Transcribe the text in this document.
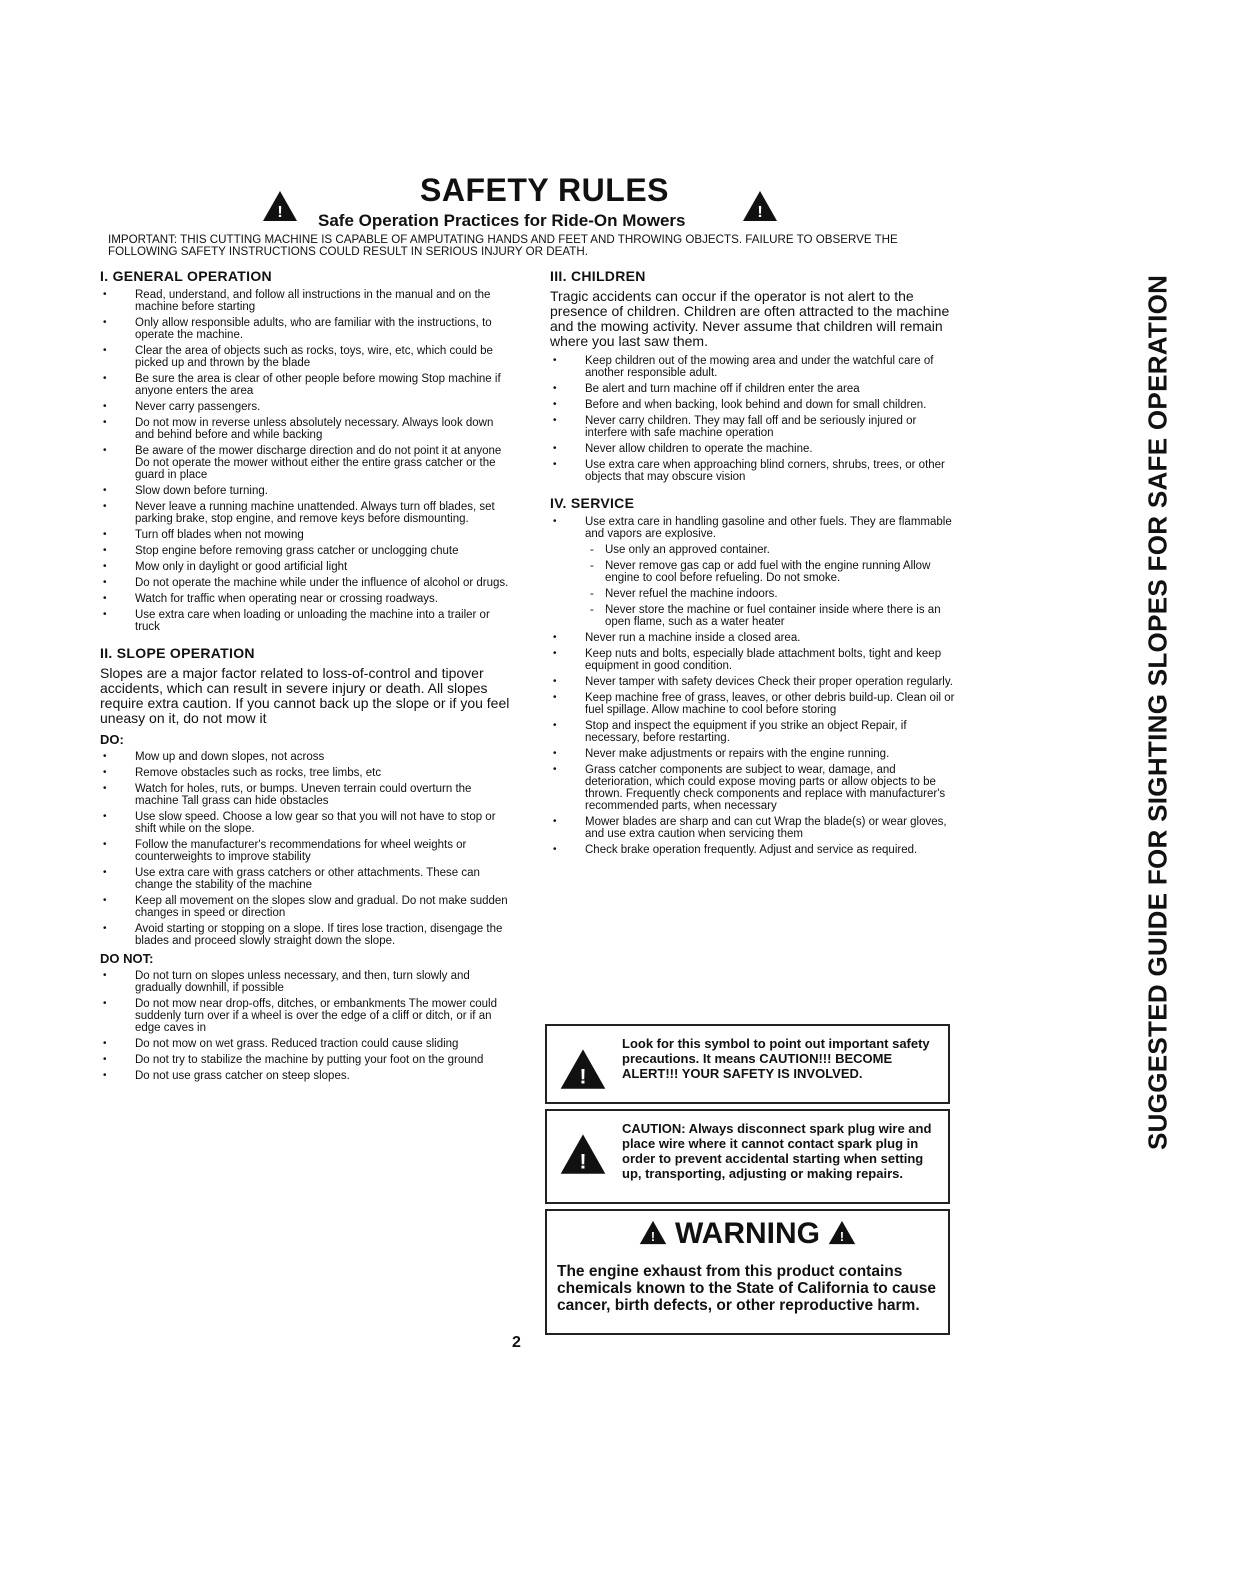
!
SAFETY RULES
Safe Operation Practices for Ride-On Mowers	!
IMPORTANT: THIS CUTTING MACHINE IS CAPABLE OF AMPUTATING HANDS AND FEET AND THROWING OBJECTS. FAILURE TO OBSERVE THE FOLLOWING SAFETY INSTRUCTIONS COULD RESULT IN SERIOUS INJURY OR DEATH.
I. GENERAL OPERATION
• Read, understand, and follow all instructions in the manual and on the machine before starting
• Only allow responsible adults, who are familiar with the instructions, to operate the machine.
• Clear the area of objects such as rocks, toys, wire, etc, which could be picked up and thrown by the blade
• Be sure the area is clear of other people before mowing Stop machine if anyone enters the area
• Never carry passengers.
• Do not mow in reverse unless absolutely necessary. Always look down and behind before and while backing
• Be aware of the mower discharge direction and do not point it at anyone Do not operate the mower without either the entire grass catcher or the guard in place
• Slow down before turning.
• Never leave a running machine unattended. Always turn off blades, set parking brake, stop engine, and remove keys before dismounting.
• Turn off blades when not mowing
• Stop engine before removing grass catcher or unclogging chute
• Mow only in daylight or good artificial light
• Do not operate the machine while under the influence of alcohol or drugs.
• Watch for traffic when operating near or crossing roadways.
• Use extra care when loading or unloading the machine into a trailer or truck
II. SLOPE OPERATION

Slopes are a major factor related to loss-of-control and tipover accidents, which can result in severe injury or death. All slopes require extra caution. If you cannot back up the slope or if you feel uneasy on it, do not mow it

DO:
• Mow up and down slopes, not across
• Remove obstacles such as rocks, tree limbs, etc
• Watch for holes, ruts, or bumps. Uneven terrain could overturn the machine Tall grass can hide obstacles
• Use slow speed. Choose a low gear so that you will not have to stop or shift while on the slope.
• Follow the manufacturer's recommendations for wheel weights or counterweights to improve stability
• Use extra care with grass catchers or other attachments. These can change the stability of the machine
• Keep all movement on the slopes slow and gradual. Do not make sudden changes in speed or direction
• Avoid starting or stopping on a slope. If tires lose traction, disengage the blades and proceed slowly straight down the slope.
DO NOT:
• Do not turn on slopes unless necessary, and then, turn slowly and gradually downhill, if possible
• Do not mow near drop-offs, ditches, or embankments The mower could suddenly turn over if a wheel is over the edge of a cliff or ditch, or if an edge caves in
• Do not mow on wet grass. Reduced traction could cause sliding
• Do not try to stabilize the machine by putting your foot on the ground
• Do not use grass catcher on steep slopes.
III. CHILDREN

Tragic accidents can occur if the operator is not alert to the presence of children. Children are often attracted to the machine and the mowing activity. Never assume that children will remain where you last saw them.

• Keep children out of the mowing area and under the watchful care of another responsible adult.
• Be alert and turn machine off if children enter the area
• Before and when backing, look behind and down for small children.
• Never carry children. They may fall off and be seriously injured or interfere with safe machine operation
• Never allow children to operate the machine.
• Use extra care when approaching blind corners, shrubs, trees, or other objects that may obscure vision
IV. SERVICE
• Use extra care in handling gasoline and other fuels. They are flammable and vapors are explosive.
- Use only an approved container.
- Never remove gas cap or add fuel with the engine running Allow engine to cool before refueling. Do not smoke.
- Never refuel the machine indoors.
- Never store the machine or fuel container inside where there is an open flame, such as a water heater
• Never run a machine inside a closed area.
• Keep nuts and bolts, especially blade attachment bolts, tight and keep equipment in good condition.
• Never tamper with safety devices Check their proper operation regularly.
• Keep machine free of grass, leaves, or other debris build-up. Clean oil or fuel spillage. Allow machine to cool before storing
• Stop and inspect the equipment if you strike an object Repair, if necessary, before restarting.
• Never make adjustments or repairs with the engine running.
• Grass catcher components are subject to wear, damage, and deterioration, which could expose moving parts or allow objects to be thrown. Frequently check components and replace with manufacturer's recommended parts, when necessary
• Mower blades are sharp and can cut Wrap the blade(s) or wear gloves, and use extra caution when servicing them
• Check brake operation frequently. Adjust and service as required.
!
Look for this symbol to point out important safety precautions. It means CAUTION!!! BECOME ALERT!!! YOUR SAFETY IS INVOLVED.
!
CAUTION: Always disconnect spark plug wire and place wire where it cannot contact spark plug in order to prevent accidental starting when setting up, transporting, adjusting or making repairs.
! WARNING !
The engine exhaust from this product contains chemicals known to the State of California to cause cancer, birth defects, or other reproductive harm.
2
SUGGESTED GUIDE FOR SIGHTING SLOPES FOR SAFE OPERATION
